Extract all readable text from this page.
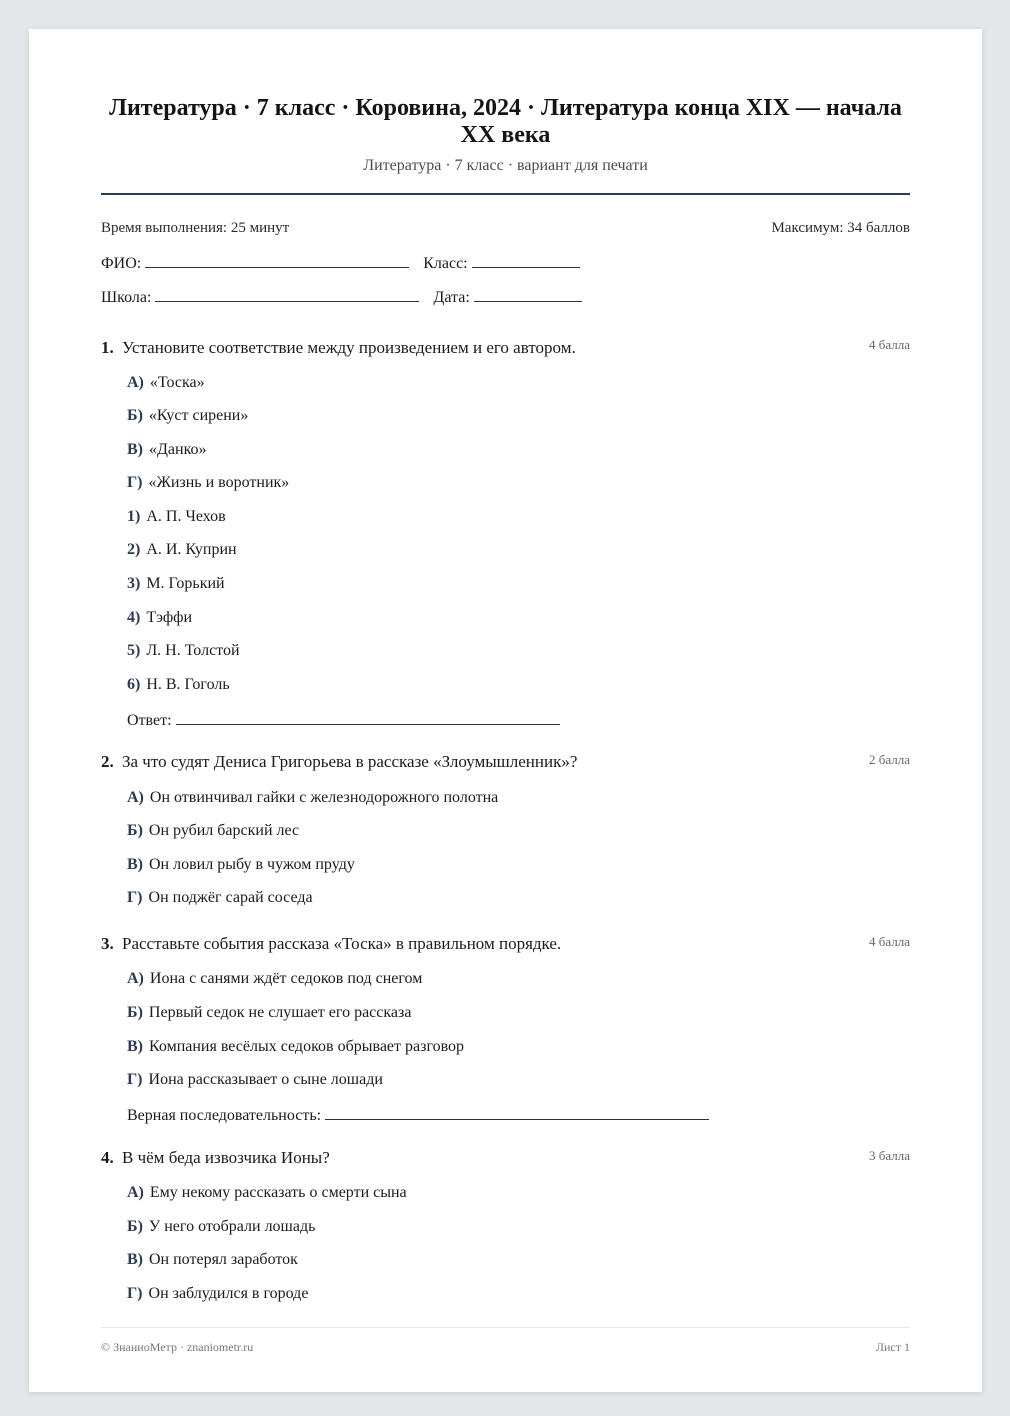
Литература · 7 класс · Коровина, 2024 · Литература конца XIX — начала XX века
Литература · 7 класс · вариант для печати
Время выполнения: 25 минут	Максимум: 34 баллов
ФИО:	Класс:
Школа:	Дата:
1. Установите соответствие между произведением и его автором.	4 балла
А) «Тоска»
Б) «Куст сирени»
В) «Данко»
Г) «Жизнь и воротник»
1) А. П. Чехов
2) А. И. Куприн
3) М. Горький
4) Тэффи
5) Л. Н. Толстой
6) Н. В. Гоголь
Ответ:
2. За что судят Дениса Григорьева в рассказе «Злоумышленник»?	2 балла
А) Он отвинчивал гайки с железнодорожного полотна
Б) Он рубил барский лес
В) Он ловил рыбу в чужом пруду
Г) Он поджёг сарай соседа
3. Расставьте события рассказа «Тоска» в правильном порядке.	4 балла
А) Иона с санями ждёт седоков под снегом
Б) Первый седок не слушает его рассказа
В) Компания весёлых седоков обрывает разговор
Г) Иона рассказывает о сыне лошади
Верная последовательность:
4. В чём беда извозчика Ионы?	3 балла
А) Ему некому рассказать о смерти сына
Б) У него отобрали лошадь
В) Он потерял заработок
Г) Он заблудился в городе
© ЗнаниоМетр · znaniometr.ru	Лист 1
